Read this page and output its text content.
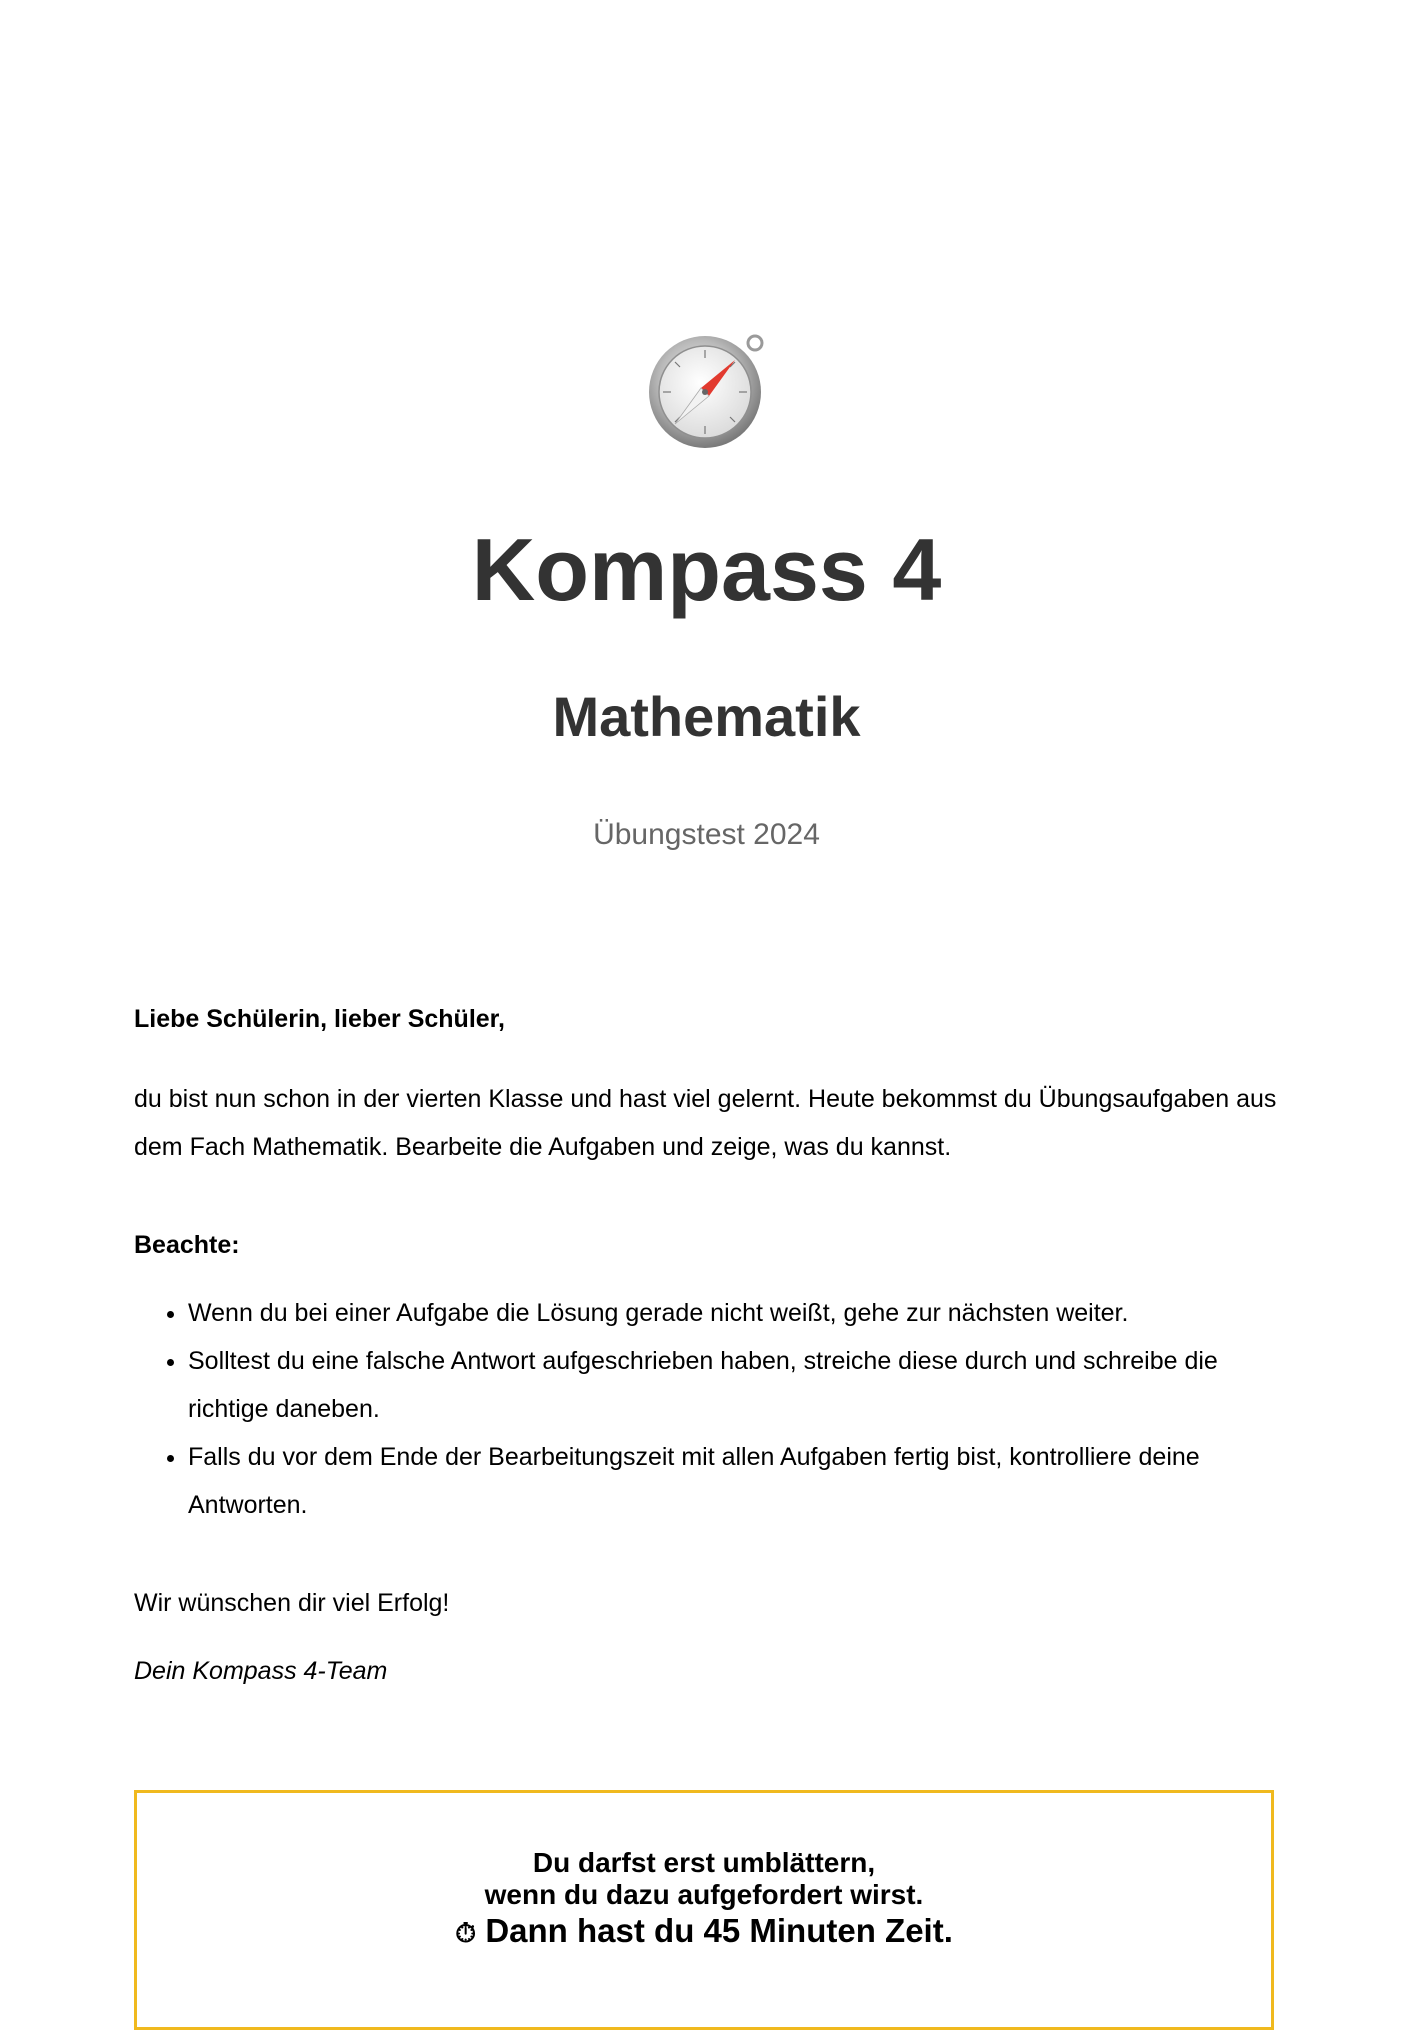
Kompass 4
Mathematik
Übungstest 2024

Liebe Schülerin, lieber Schüler,

du bist nun schon in der vierten Klasse und hast viel gelernt. Heute bekommst du Übungsaufgaben aus dem Fach Mathematik. Bearbeite die Aufgaben und zeige, was du kannst.

Beachte:

• Wenn du bei einer Aufgabe die Lösung gerade nicht weißt, gehe zur nächsten weiter.
• Solltest du eine falsche Antwort aufgeschrieben haben, streiche diese durch und schreibe die richtige daneben.
• Falls du vor dem Ende der Bearbeitungszeit mit allen Aufgaben fertig bist, kontrolliere deine Antworten.

Wir wünschen dir viel Erfolg!

Dein Kompass 4-Team

Du darfst erst umblättern,
wenn du dazu aufgefordert wirst.
⏱ Dann hast du 45 Minuten Zeit.
